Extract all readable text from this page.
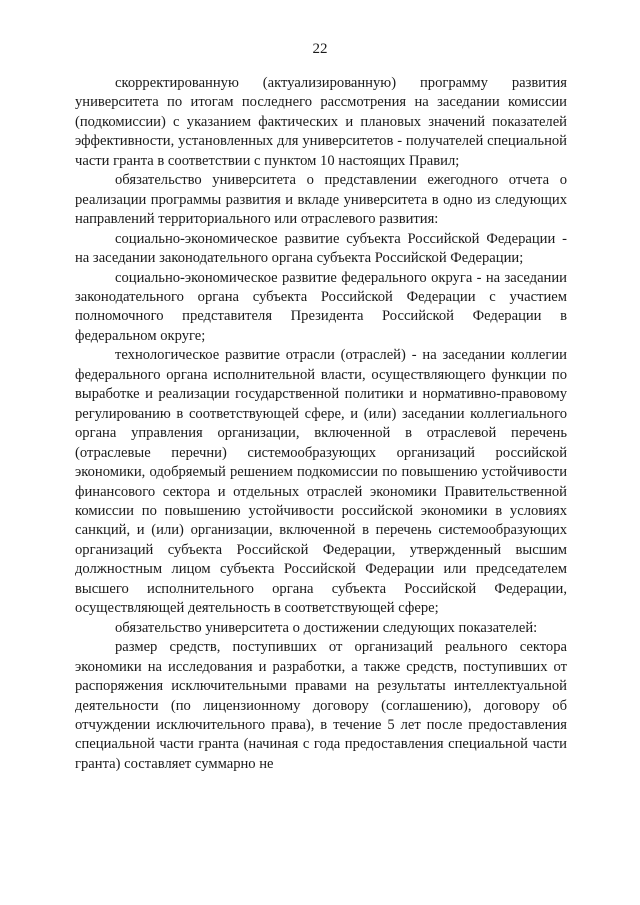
22

скорректированную (актуализированную) программу развития университета по итогам последнего рассмотрения на заседании комиссии (подкомиссии) с указанием фактических и плановых значений показателей эффективности, установленных для университетов - получателей специальной части гранта в соответствии с пунктом 10 настоящих Правил;

обязательство университета о представлении ежегодного отчета о реализации программы развития и вкладе университета в одно из следующих направлений территориального или отраслевого развития:

социально-экономическое развитие субъекта Российской Федерации - на заседании законодательного органа субъекта Российской Федерации;

социально-экономическое развитие федерального округа - на заседании законодательного органа субъекта Российской Федерации с участием полномочного представителя Президента Российской Федерации в федеральном округе;

технологическое развитие отрасли (отраслей) - на заседании коллегии федерального органа исполнительной власти, осуществляющего функции по выработке и реализации государственной политики и нормативно-правовому регулированию в соответствующей сфере, и (или) заседании коллегиального органа управления организации, включенной в отраслевой перечень (отраслевые перечни) системообразующих организаций российской экономики, одобряемый решением подкомиссии по повышению устойчивости финансового сектора и отдельных отраслей экономики Правительственной комиссии по повышению устойчивости российской экономики в условиях санкций, и (или) организации, включенной в перечень системообразующих организаций субъекта Российской Федерации, утвержденный высшим должностным лицом субъекта Российской Федерации или председателем высшего исполнительного органа субъекта Российской Федерации, осуществляющей деятельность в соответствующей сфере;

обязательство университета о достижении следующих показателей:

размер средств, поступивших от организаций реального сектора экономики на исследования и разработки, а также средств, поступивших от распоряжения исключительными правами на результаты интеллектуальной деятельности (по лицензионному договору (соглашению), договору об отчуждении исключительного права), в течение 5 лет после предоставления специальной части гранта (начиная с года предоставления специальной части гранта) составляет суммарно не
